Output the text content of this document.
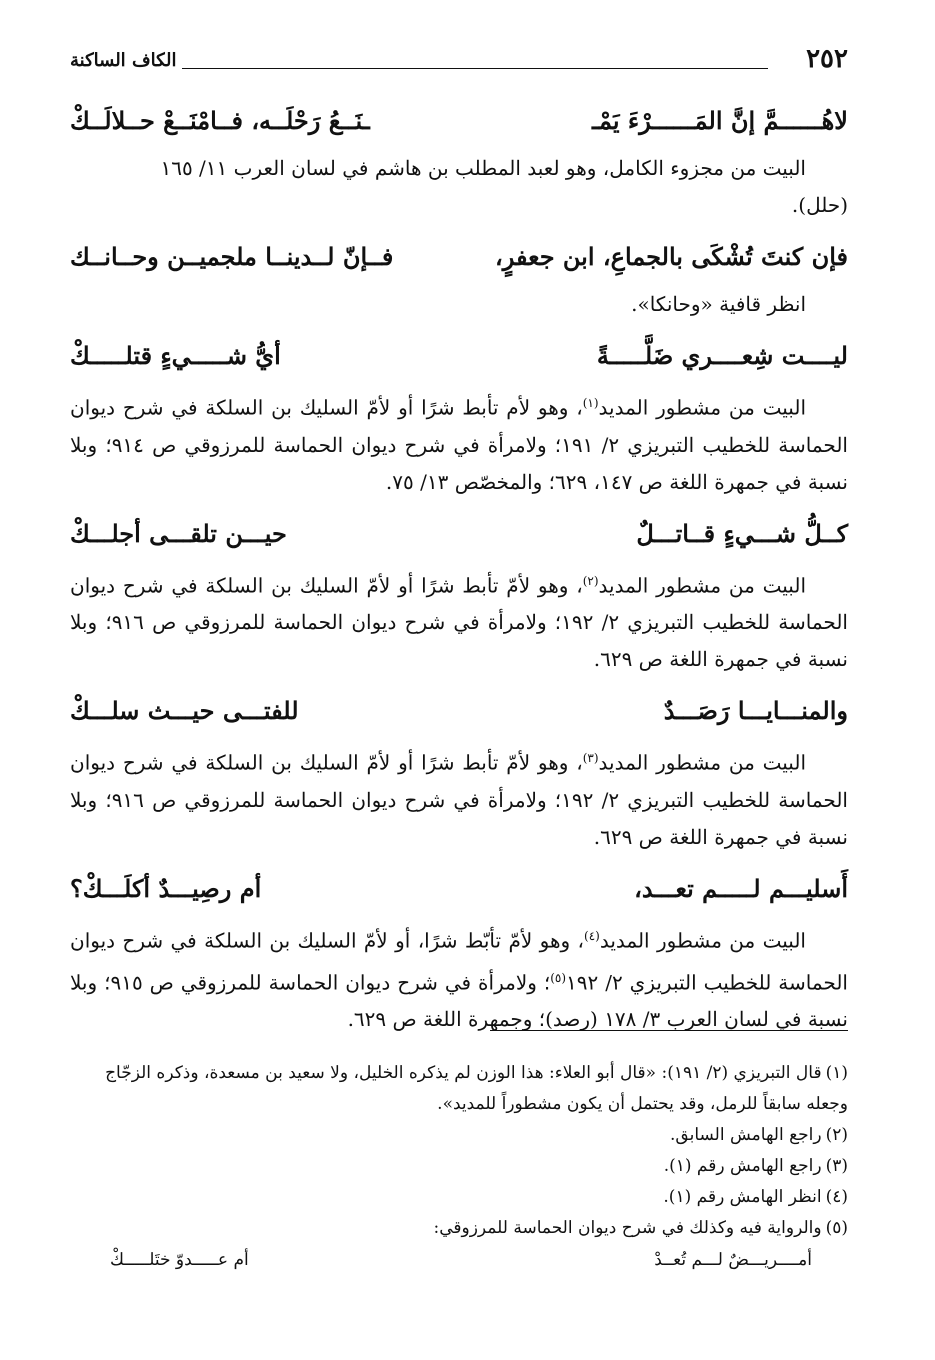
٢٥٢
الكاف الساكنة
لاهُــــــمَّ إنَّ المَــــــرْءَ يَمْـ
ـنَــعُ رَحْلَــه، فــامْنَــعْ حــلالَــكْ

البيت من مجزوء الكامل، وهو لعبد المطلب بن هاشم في لسان العرب ١١/ ١٦٥
(حلل).

فإن كنتَ تُشْكَى بالجماعِ، ابن جعفرٍ،
فــإنّ لــدينــا ملجميــن وحــانــك

انظر قافية «وحانكا».

ليــــت شِعــــري ضَلَّـــــةً
أيُّ شـــــيءٍ قتلـــــكْ

البيت من مشطور المديد$^{(١)}$، وهو لأم تأبط شرًا أو لأمّ السليك بن السلكة في شرح ديوان الحماسة للخطيب التبريزي ٢/ ١٩١؛ ولامرأة في شرح ديوان الحماسة للمرزوقي ص ٩١٤؛ وبلا نسبة في جمهرة اللغة ص ١٤٧، ٦٢٩؛ والمخصّص ١٣/ ٧٥.

كــلُّ شـــيءٍ قــاتـــلٌ
حيـــن تلقـــى أجلـــكْ

البيت من مشطور المديد$^{(٢)}$، وهو لأمّ تأبط شرًا أو لأمّ السليك بن السلكة في شرح ديوان الحماسة للخطيب التبريزي ٢/ ١٩٢؛ ولامرأة في شرح ديوان الحماسة للمرزوقي ص ٩١٦؛ وبلا نسبة في جمهرة اللغة ص ٦٢٩.

والمنـــايـــا رَصَـــدٌ
للفتـــى حيـــث سلـــكْ

البيت من مشطور المديد$^{(٣)}$، وهو لأمّ تأبط شرًا أو لأمّ السليك بن السلكة في شرح ديوان الحماسة للخطيب التبريزي ٢/ ١٩٢؛ ولامرأة في شرح ديوان الحماسة للمرزوقي ص ٩١٦؛ وبلا نسبة في جمهرة اللغة ص ٦٢٩.

أَسليـــم لـــــم تعـــد،
أم رصِيـــدٌ أكلَـــكْ؟

البيت من مشطور المديد$^{(٤)}$، وهو لأمّ تأبّط شرًا، أو لأمّ السليك بن السلكة في شرح ديوان الحماسة للخطيب التبريزي ٢/ ١٩٢$^{(٥)}$؛ ولامرأة في شرح ديوان الحماسة للمرزوقي ص ٩١٥؛ وبلا نسبة في لسان العرب ٣/ ١٧٨ (رصد)؛ وجمهرة اللغة ص ٦٢٩.

(١)قال التبريزي (٢/ ١٩١): «قال أبو العلاء: هذا الوزن لم يذكره الخليل، ولا سعيد بن مسعدة، وذكره الزجّاج وجعله سابقاً للرمل، وقد يحتمل أن يكون مشطوراً للمديد».

(٢)راجع الهامش السابق.

(٣)راجع الهامش رقم (١).

(٤)انظر الهامش رقم (١).

(٥)والرواية فيه وكذلك في شرح ديوان الحماسة للمرزوقي:

أمــــريـــضٌ لـــم تُعــدْ
أم عـــــدوّ ختَلـــــكْ
